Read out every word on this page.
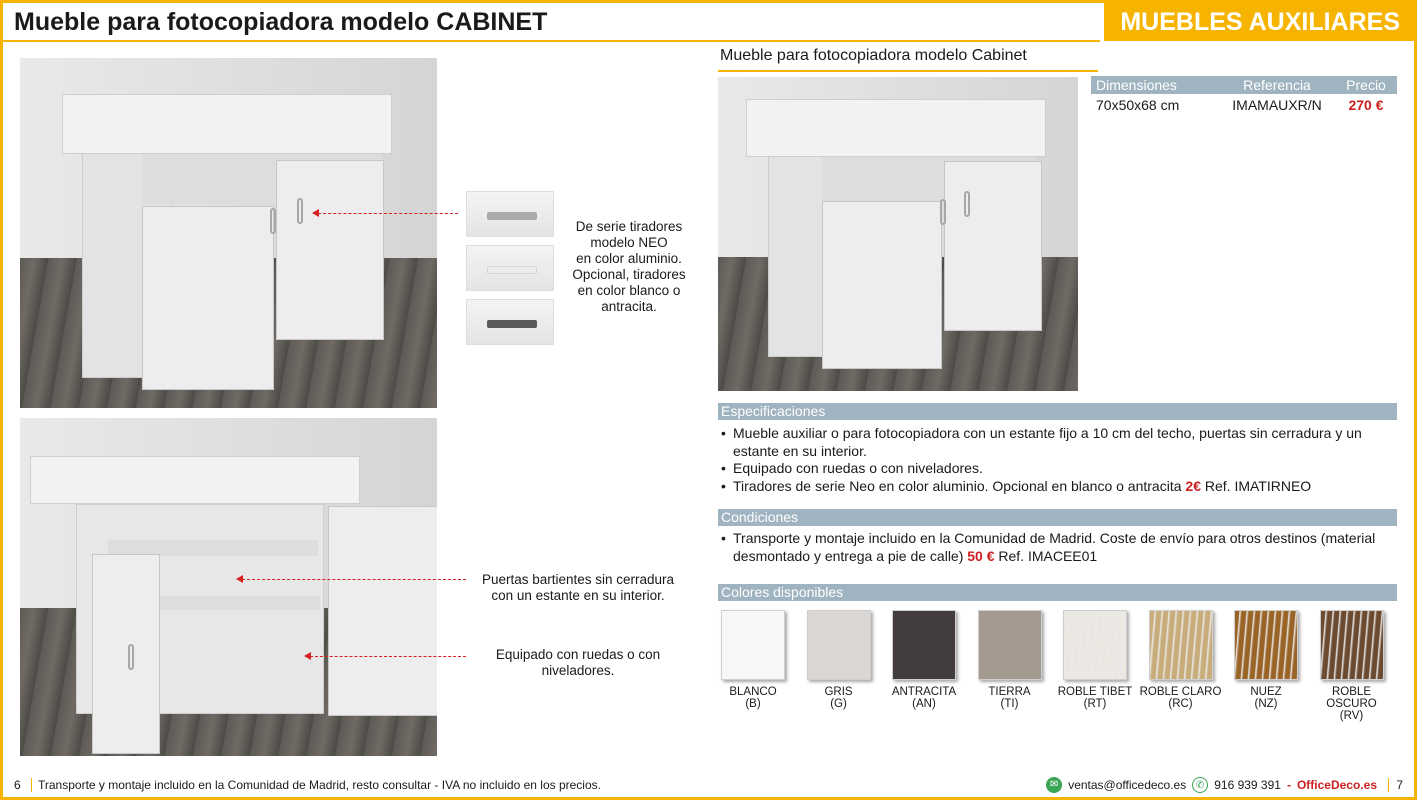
Mueble para fotocopiadora modelo CABINET	MUEBLES AUXILIARES
De serie tiradores
modelo NEO
en color aluminio.
Opcional, tiradores
en color blanco o
antracita.
Puertas bartientes sin cerradura
con un estante en su interior.
Equipado con ruedas o con
niveladores.
Mueble para fotocopiadora modelo Cabinet
Dimensiones	Referencia	Precio
70x50x68 cm	IMAMAUXR/N	270 €
Especificaciones
• Mueble auxiliar o para fotocopiadora con un estante fijo a 10 cm del techo, puertas sin cerradura y un estante en su interior.
• Equipado con ruedas o con niveladores.
• Tiradores de serie Neo en color aluminio. Opcional en blanco o antracita 2€ Ref. IMATIRNEO
Condiciones
• Transporte y montaje incluido en la Comunidad de Madrid. Coste de envío para otros destinos (material desmontado y entrega a pie de calle) 50 € Ref. IMACEE01
Colores disponibles
BLANCO
(B)
GRIS
(G)
ANTRACITA
(AN)
TIERRA
(TI)
ROBLE TIBET
(RT)
ROBLE CLARO
(RC)
NUEZ
(NZ)
ROBLE OSCURO
(RV)
6 Transporte y montaje incluido en la Comunidad de Madrid, resto consultar - IVA no incluido en los precios.	✉ ventas@officedeco.es ✆ 916 939 391 - OfficeDeco.es 7
